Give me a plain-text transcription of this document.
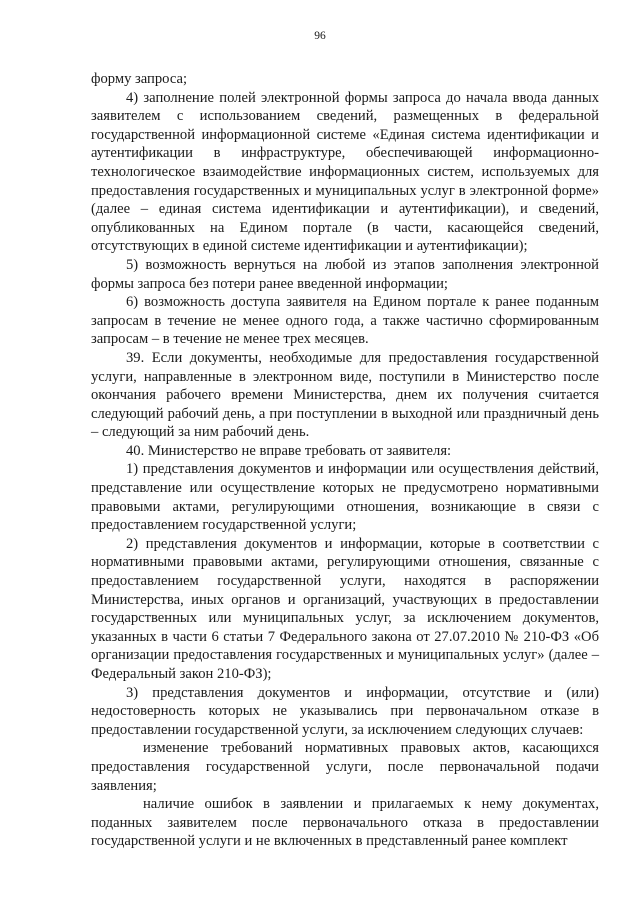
96

форму запроса;

4) заполнение полей электронной формы запроса до начала ввода данных заявителем с использованием сведений, размещенных в федеральной государственной информационной системе «Единая система идентификации и аутентификации в инфраструктуре, обеспечивающей информационно-технологическое взаимодействие информационных систем, используемых для предоставления государственных и муниципальных услуг в электронной форме» (далее – единая система идентификации и аутентификации), и сведений, опубликованных на Едином портале (в части, касающейся сведений, отсутствующих в единой системе идентификации и аутентификации);

5) возможность вернуться на любой из этапов заполнения электронной формы запроса без потери ранее введенной информации;

6) возможность доступа заявителя на Едином портале к ранее поданным запросам в течение не менее одного года, а также частично сформированным запросам – в течение не менее трех месяцев.

39. Если документы, необходимые для предоставления государственной услуги, направленные в электронном виде, поступили в Министерство после окончания рабочего времени Министерства, днем их получения считается следующий рабочий день, а при поступлении в выходной или праздничный день – следующий за ним рабочий день.

40. Министерство не вправе требовать от заявителя:

1) представления документов и информации или осуществления действий, представление или осуществление которых не предусмотрено нормативными правовыми актами, регулирующими отношения, возникающие в связи с предоставлением государственной услуги;

2) представления документов и информации, которые в соответствии с нормативными правовыми актами, регулирующими отношения, связанные с предоставлением государственной услуги, находятся в распоряжении Министерства, иных органов и организаций, участвующих в предоставлении государственных или муниципальных услуг, за исключением документов, указанных в части 6 статьи 7 Федерального закона от 27.07.2010 № 210-ФЗ «Об организации предоставления государственных и муниципальных услуг» (далее – Федеральный закон 210-ФЗ);

3) представления документов и информации, отсутствие и (или) недостоверность которых не указывались при первоначальном отказе в предоставлении государственной услуги, за исключением следующих случаев:

изменение требований нормативных правовых актов, касающихся предоставления государственной услуги, после первоначальной подачи заявления;

наличие ошибок в заявлении и прилагаемых к нему документах, поданных заявителем после первоначального отказа в предоставлении государственной услуги и не включенных в представленный ранее комплект
